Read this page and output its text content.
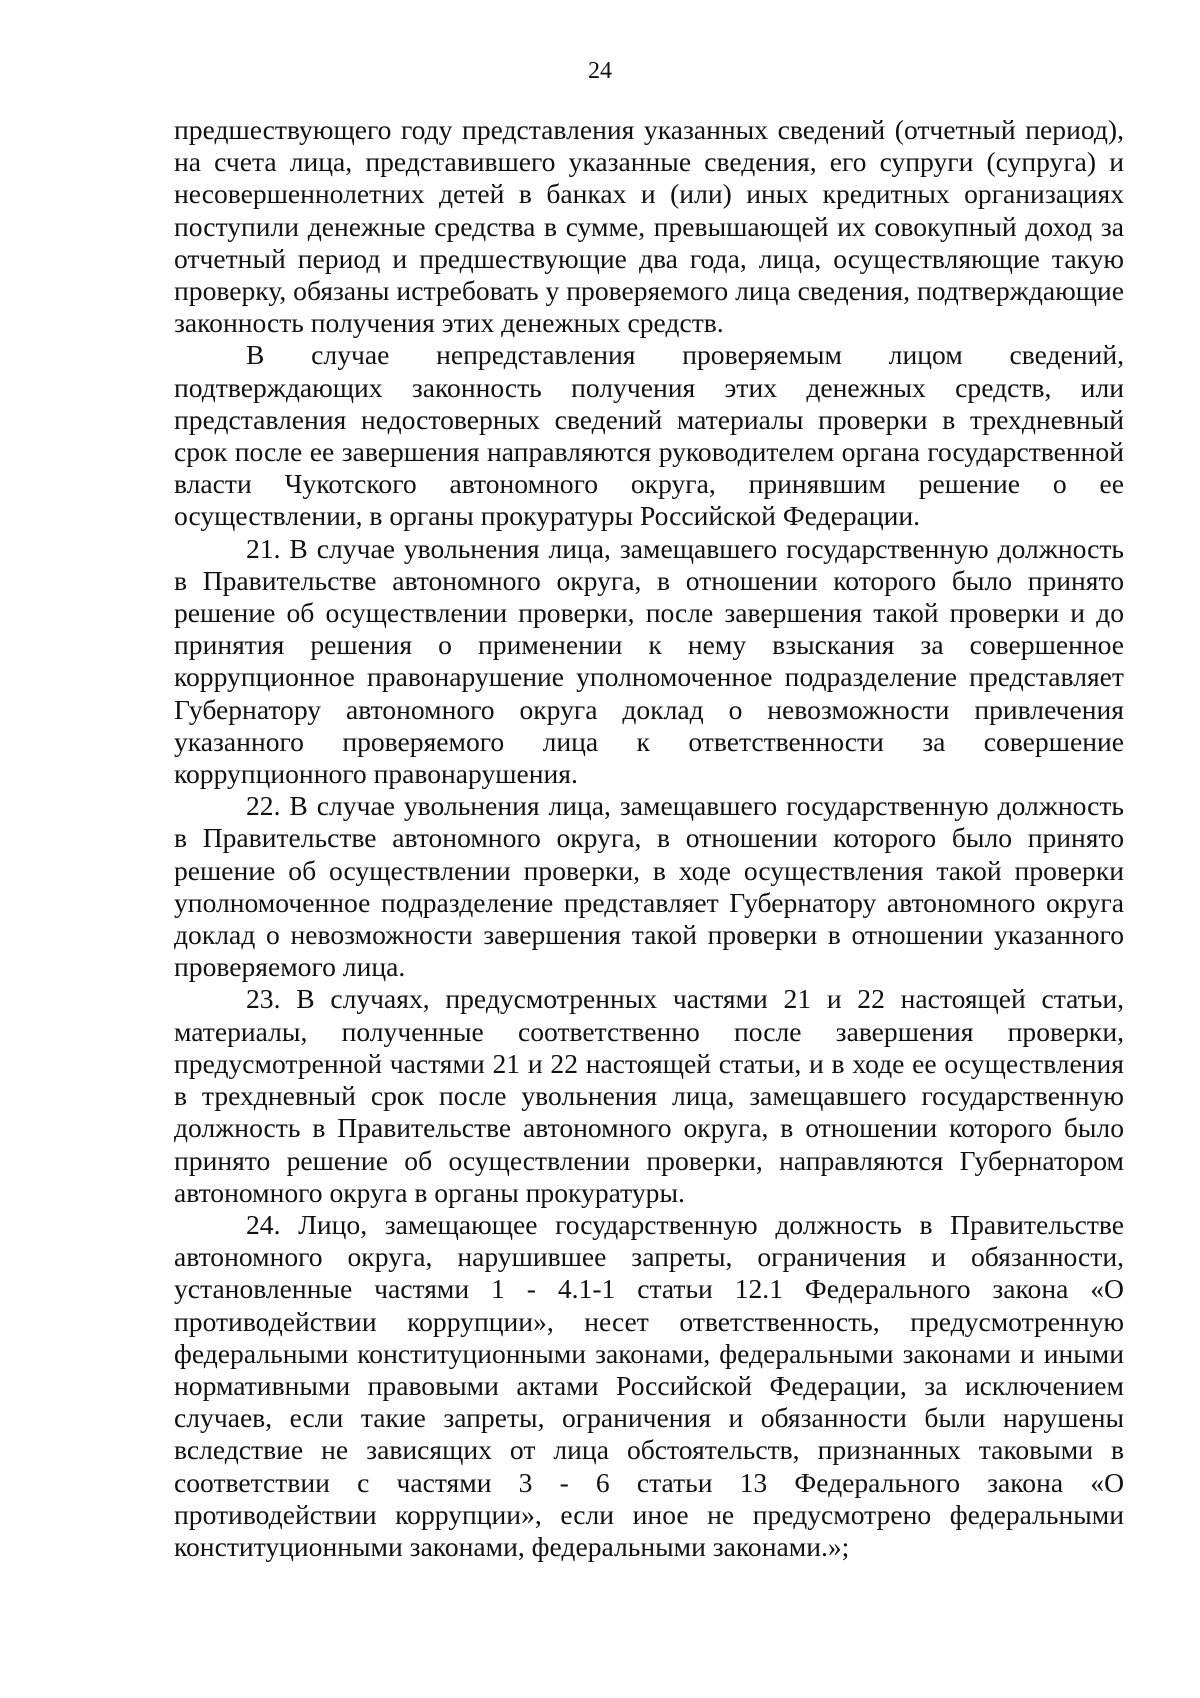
24

предшествующего году представления указанных сведений (отчетный период), на счета лица, представившего указанные сведения, его супруги (супруга) и несовершеннолетних детей в банках и (или) иных кредитных организациях поступили денежные средства в сумме, превышающей их совокупный доход за отчетный период и предшествующие два года, лица, осуществляющие такую проверку, обязаны истребовать у проверяемого лица сведения, подтверждающие законность получения этих денежных средств.

В случае непредставления проверяемым лицом сведений, подтверждающих законность получения этих денежных средств, или представления недостоверных сведений материалы проверки в трехдневный срок после ее завершения направляются руководителем органа государственной власти Чукотского автономного округа, принявшим решение о ее осуществлении, в органы прокуратуры Российской Федерации.

21. В случае увольнения лица, замещавшего государственную должность в Правительстве автономного округа, в отношении которого было принято решение об осуществлении проверки, после завершения такой проверки и до принятия решения о применении к нему взыскания за совершенное коррупционное правонарушение уполномоченное подразделение представляет Губернатору автономного округа доклад о невозможности привлечения указанного проверяемого лица к ответственности за совершение коррупционного правонарушения.

22. В случае увольнения лица, замещавшего государственную должность в Правительстве автономного округа, в отношении которого было принято решение об осуществлении проверки, в ходе осуществления такой проверки уполномоченное подразделение представляет Губернатору автономного округа доклад о невозможности завершения такой проверки в отношении указанного проверяемого лица.

23. В случаях, предусмотренных частями 21 и 22 настоящей статьи, материалы, полученные соответственно после завершения проверки, предусмотренной частями 21 и 22 настоящей статьи, и в ходе ее осуществления в трехдневный срок после увольнения лица, замещавшего государственную должность в Правительстве автономного округа, в отношении которого было принято решение об осуществлении проверки, направляются Губернатором автономного округа в органы прокуратуры.

24. Лицо, замещающее государственную должность в Правительстве автономного округа, нарушившее запреты, ограничения и обязанности, установленные частями 1 - 4.1-1 статьи 12.1 Федерального закона «О противодействии коррупции», несет ответственность, предусмотренную федеральными конституционными законами, федеральными законами и иными нормативными правовыми актами Российской Федерации, за исключением случаев, если такие запреты, ограничения и обязанности были нарушены вследствие не зависящих от лица обстоятельств, признанных таковыми в соответствии с частями 3 - 6 статьи 13 Федерального закона «О противодействии коррупции», если иное не предусмотрено федеральными конституционными законами, федеральными законами.»;
